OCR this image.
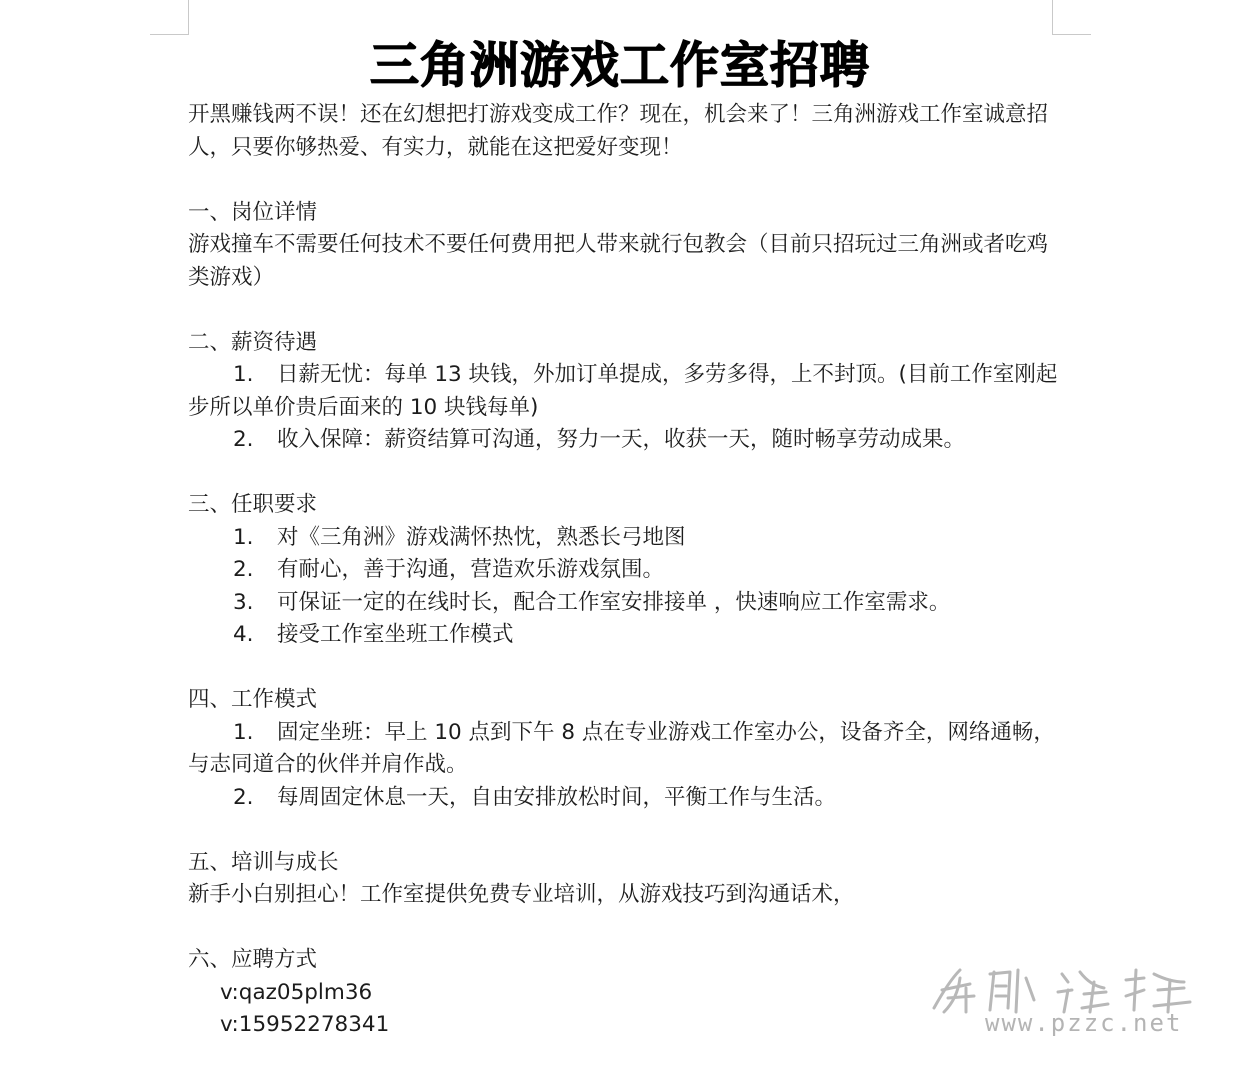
三角洲游戏工作室招聘
开黑赚钱两不误！还在幻想把打游戏变成工作？现在，机会来了！三角洲游戏工作室诚意招
人，只要你够热爱、有实力，就能在这把爱好变现！
一、岗位详情
游戏撞车不需要任何技术不要任何费用把人带来就行包教会（目前只招玩过三角洲或者吃鸡
类游戏）
二、薪资待遇
1. 日薪无忧：每单 13 块钱，外加订单提成，多劳多得，上不封顶。(目前工作室刚起
步所以单价贵后面来的 10 块钱每单)
2. 收入保障：薪资结算可沟通，努力一天，收获一天，随时畅享劳动成果。
三、任职要求
1. 对《三角洲》游戏满怀热忱，熟悉长弓地图
2. 有耐心，善于沟通，营造欢乐游戏氛围。
3. 可保证一定的在线时长，配合工作室安排接单 ，快速响应工作室需求。
4. 接受工作室坐班工作模式
四、工作模式
1. 固定坐班：早上 10 点到下午 8 点在专业游戏工作室办公，设备齐全，网络通畅，
与志同道合的伙伴并肩作战。
2. 每周固定休息一天，自由安排放松时间，平衡工作与生活。
五、培训与成长
新手小白别担心！工作室提供免费专业培训，从游戏技巧到沟通话术，
六、应聘方式
v:qaz05plm36
v:15952278341	www.pzzc.net
